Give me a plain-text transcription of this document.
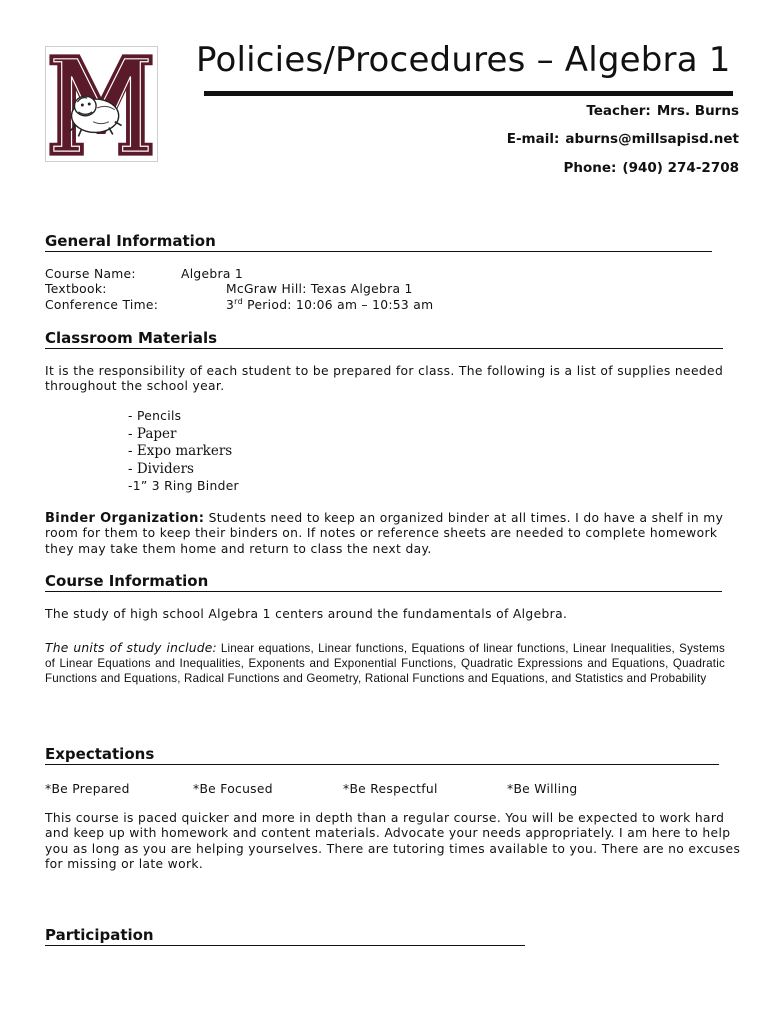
Policies/Procedures – Algebra 1
Teacher: Mrs. Burns
E-mail: aburns@millsapisd.net
Phone: (940) 274-2708
General Information
Course Name:	Algebra 1
Textbook:	McGraw Hill: Texas Algebra 1
Conference Time:	3rd Period: 10:06 am – 10:53 am
Classroom Materials
It is the responsibility of each student to be prepared for class. The following is a list of supplies needed
throughout the school year.
- Pencils
- Paper
- Expo markers
- Dividers
-1” 3 Ring Binder
Binder Organization: Students need to keep an organized binder at all times. I do have a shelf in my
room for them to keep their binders on. If notes or reference sheets are needed to complete homework
they may take them home and return to class the next day.
Course Information
The study of high school Algebra 1 centers around the fundamentals of Algebra.
The units of study include: Linear equations, Linear functions, Equations of linear functions, Linear Inequalities, Systems of Linear Equations and Inequalities, Exponents and Exponential Functions, Quadratic Expressions and Equations, Quadratic Functions and Equations, Radical Functions and Geometry, Rational Functions and Equations, and Statistics and Probability
Expectations
*Be Prepared	*Be Focused	*Be Respectful	*Be Willing
This course is paced quicker and more in depth than a regular course. You will be expected to work hard
and keep up with homework and content materials. Advocate your needs appropriately. I am here to help
you as long as you are helping yourselves. There are tutoring times available to you. There are no excuses
for missing or late work.
Participation
